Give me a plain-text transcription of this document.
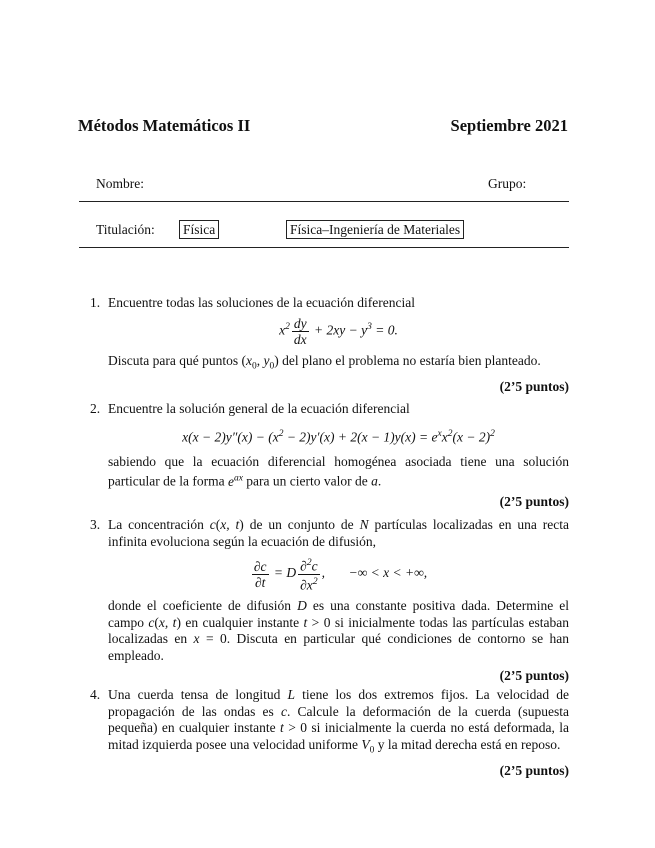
Métodos Matemáticos II	Septiembre 2021
Nombre:	Grupo:
Titulación: Física	Física–Ingeniería de Materiales
1. Encuentre todas las soluciones de la ecuación diferencial
$x^2 \frac{dy}{dx} + 2xy - y^3 = 0$.
Discuta para qué puntos ($x_0$, $y_0$) del plano el problema no estaría bien planteado.
(2’5 puntos)
2. Encuentre la solución general de la ecuación diferencial
$x(x - 2)y''(x) - (x^2 - 2)y'(x) + 2(x - 1)y(x) = e^xx^2(x - 2)^2$
sabiendo que la ecuación diferencial homogénea asociada tiene una solución particular de la forma $e^{ax}$ para un cierto valor de a.
(2’5 puntos)
3. La concentración c(x, t) de un conjunto de N partículas localizadas en una recta infinita evoluciona según la ecuación de difusión,
$\frac{\partial c}{\partial t} = D \frac{\partial^2c}{\partial x^2}$ ,       −∞ < x < +∞,
donde el coeficiente de difusión D es una constante positiva dada. Determine el campo c(x, t) en cualquier instante t > 0 si inicialmente todas las partículas estaban localizadas en x = 0. Discuta en particular qué condiciones de contorno se han empleado.
(2’5 puntos)
4. Una cuerda tensa de longitud L tiene los dos extremos fijos. La velocidad de propagación de las ondas es c. Calcule la deformación de la cuerda (supuesta pequeña) en cualquier instante t > 0 si inicialmente la cuerda no está deformada, la mitad izquierda posee una velocidad uniforme $V_0$ y la mitad derecha está en reposo.
(2’5 puntos)
